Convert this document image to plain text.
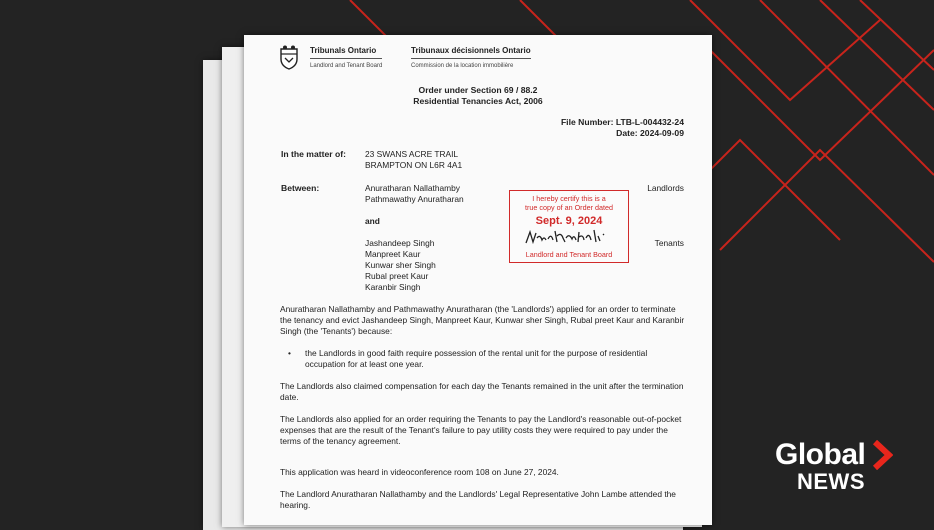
Tribunals Ontario
Landlord and Tenant Board
Tribunaux décisionnels Ontario
Commission de la location immobilière
Order under Section 69 / 88.2
Residential Tenancies Act, 2006
File Number: LTB-L-004432-24
Date: 2024-09-09
In the matter of: 23 SWANS ACRE TRAIL
BRAMPTON ON L6R 4A1
Between:	Anuratharan Nallathamby
Pathmawathy Anuratharan
Landlords
and
Jashandeep Singh
Manpreet Kaur
Kunwar sher Singh
Rubal preet Kaur
Karanbir Singh
Tenants
I hereby certify this is a
true copy of an Order dated
Sept. 9, 2024
Landlord and Tenant Board
Anuratharan Nallathamby and Pathmawathy Anuratharan (the 'Landlords') applied for an order to terminate the tenancy and evict Jashandeep Singh, Manpreet Kaur, Kunwar sher Singh, Rubal preet Kaur and Karanbir Singh (the 'Tenants') because:
• the Landlords in good faith require possession of the rental unit for the purpose of residential occupation for at least one year.
The Landlords also claimed compensation for each day the Tenants remained in the unit after the termination date.
The Landlords also applied for an order requiring the Tenants to pay the Landlord's reasonable out-of-pocket expenses that are the result of the Tenant's failure to pay utility costs they were required to pay under the terms of the tenancy agreement.
This application was heard in videoconference room 108 on June 27, 2024.
The Landlord Anuratharan Nallathamby and the Landlords' Legal Representative John Lambe attended the hearing.
Global
NEWS
